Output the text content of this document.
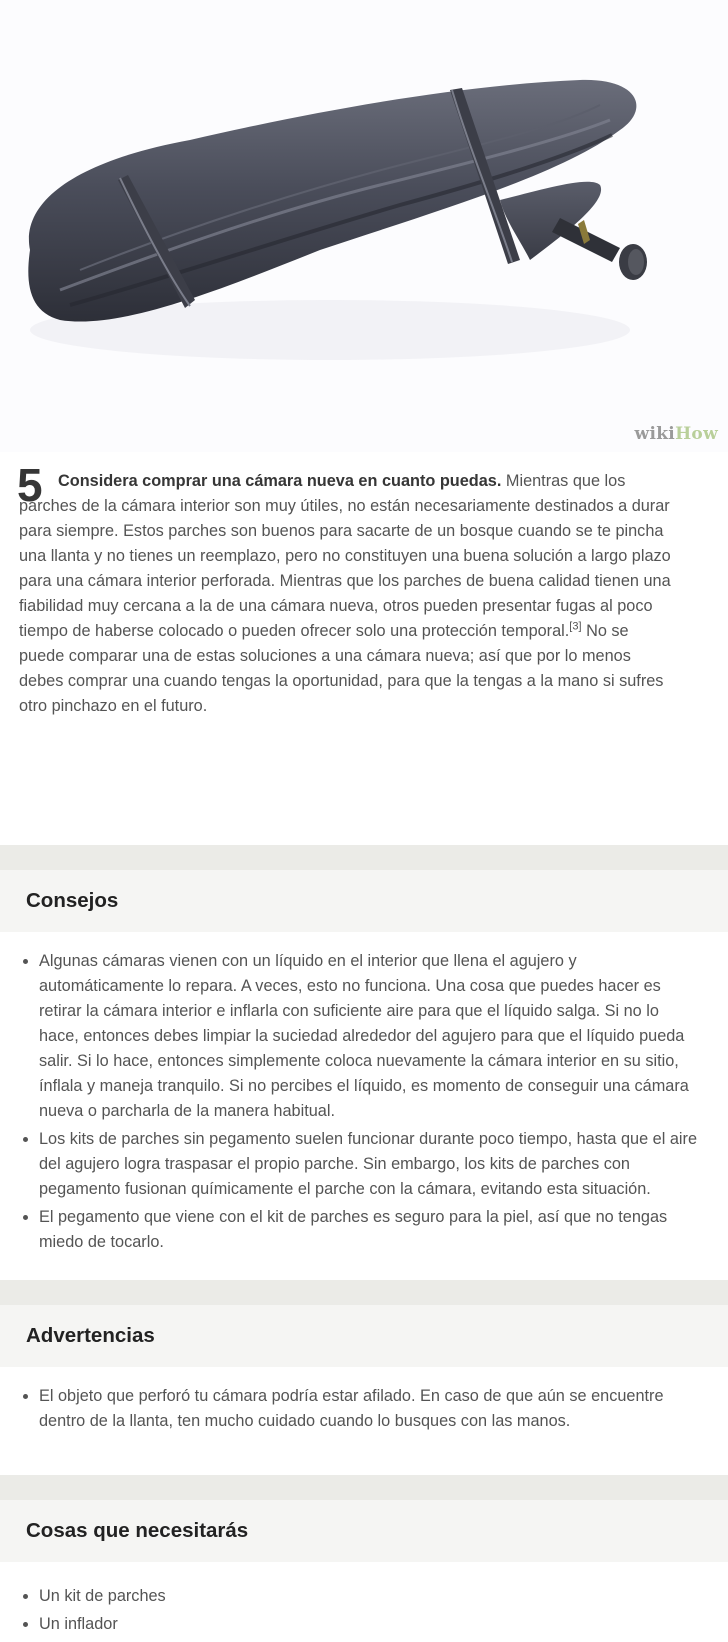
wikiHow
5 Considera comprar una cámara nueva en cuanto puedas. Mientras que los parches de la cámara interior son muy útiles, no están necesariamente destinados a durar para siempre. Estos parches son buenos para sacarte de un bosque cuando se te pincha una llanta y no tienes un reemplazo, pero no constituyen una buena solución a largo plazo para una cámara interior perforada. Mientras que los parches de buena calidad tienen una fiabilidad muy cercana a la de una cámara nueva, otros pueden presentar fugas al poco tiempo de haberse colocado o pueden ofrecer solo una protección temporal.[3] No se puede comparar una de estas soluciones a una cámara nueva; así que por lo menos debes comprar una cuando tengas la oportunidad, para que la tengas a la mano si sufres otro pinchazo en el futuro.

Consejos
• Algunas cámaras vienen con un líquido en el interior que llena el agujero y automáticamente lo repara. A veces, esto no funciona. Una cosa que puedes hacer es retirar la cámara interior e inflarla con suficiente aire para que el líquido salga. Si no lo hace, entonces debes limpiar la suciedad alrededor del agujero para que el líquido pueda salir. Si lo hace, entonces simplemente coloca nuevamente la cámara interior en su sitio, ínflala y maneja tranquilo. Si no percibes el líquido, es momento de conseguir una cámara nueva o parcharla de la manera habitual.
• Los kits de parches sin pegamento suelen funcionar durante poco tiempo, hasta que el aire del agujero logra traspasar el propio parche. Sin embargo, los kits de parches con pegamento fusionan químicamente el parche con la cámara, evitando esta situación.
• El pegamento que viene con el kit de parches es seguro para la piel, así que no tengas miedo de tocarlo.
Advertencias
• El objeto que perforó tu cámara podría estar afilado. En caso de que aún se encuentre dentro de la llanta, ten mucho cuidado cuando lo busques con las manos.
Cosas que necesitarás
• Un kit de parches
• Un inflador
